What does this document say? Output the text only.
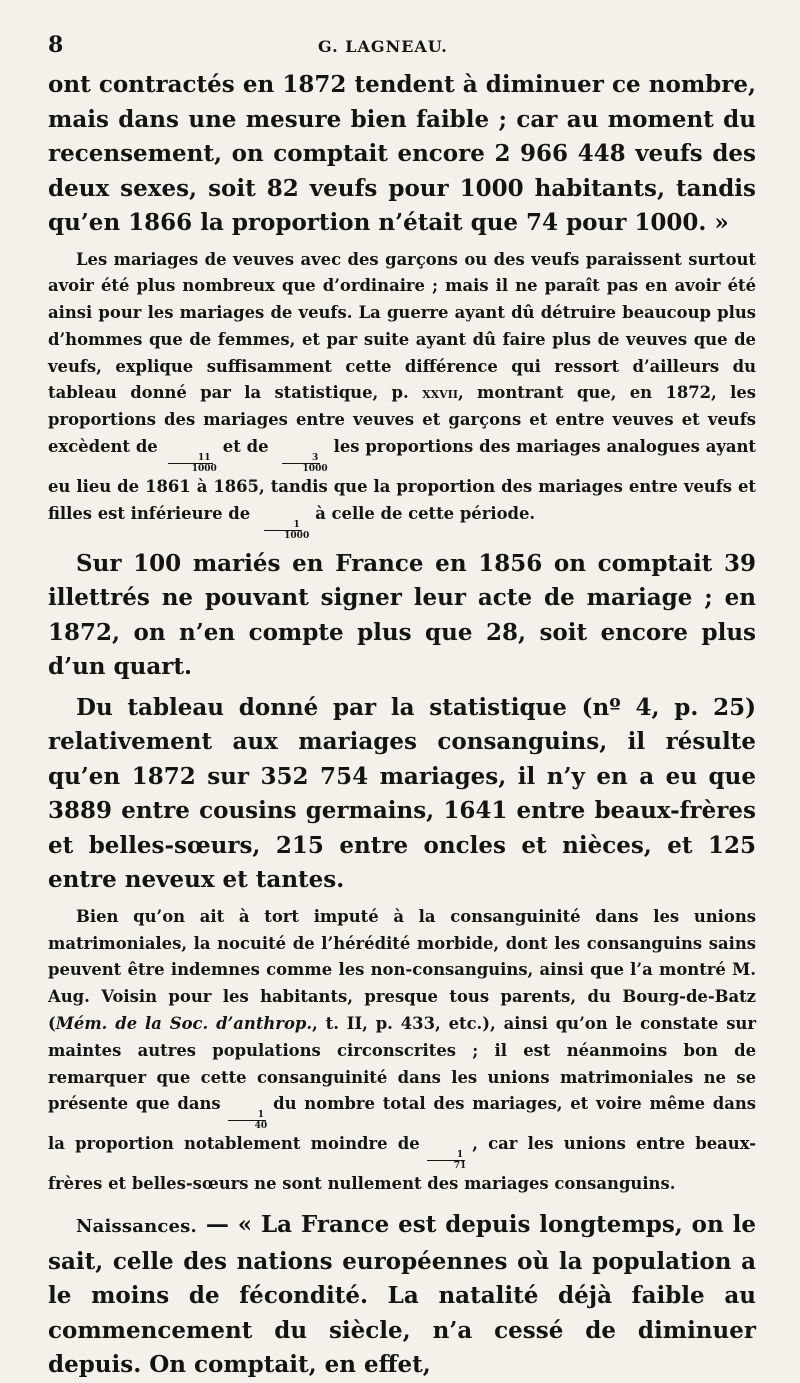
8	G. LAGNEAU.

ont contractés en 1872 tendent à diminuer ce nombre, mais dans une mesure bien faible ; car au moment du recensement, on comptait encore 2 966 448 veufs des deux sexes, soit 82 veufs pour 1000 habitants, tandis qu’en 1866 la proportion n’était que 74 pour 1000. »

Les mariages de veuves avec des garçons ou des veufs paraissent surtout avoir été plus nombreux que d’ordinaire ; mais il ne paraît pas en avoir été ainsi pour les mariages de veufs. La guerre ayant dû détruire beaucoup plus d’hommes que de femmes, et par suite ayant dû faire plus de veuves que de veufs, explique suffisamment cette différence qui ressort d’ailleurs du tableau donné par la statistique, p. xxvii, montrant que, en 1872, les proportions des mariages entre veuves et garçons et entre veuves et veufs excèdent de
$\frac{11}{1000}$
et de
$\frac{3}{1000}$
les proportions des mariages analogues ayant eu lieu de 1861 à 1865, tandis que la proportion des mariages entre veufs et filles est inférieure de
$\frac{1}{1000}$
à celle de cette période.

Sur 100 mariés en France en 1856 on comptait 39 illettrés ne pouvant signer leur acte de mariage ; en 1872, on n’en compte plus que 28, soit encore plus d’un quart.

Du tableau donné par la statistique (nº 4, p. 25) relativement aux mariages consanguins, il résulte qu’en 1872 sur 352 754 mariages, il n’y en a eu que 3889 entre cousins germains, 1641 entre beaux-frères et belles-sœurs, 215 entre oncles et nièces, et 125 entre neveux et tantes.

Bien qu’on ait à tort imputé à la consanguinité dans les unions matrimoniales, la nocuité de l’hérédité morbide, dont les consanguins sains peuvent être indemnes comme les non-consanguins, ainsi que l’a montré M. Aug. Voisin pour les habitants, presque tous parents, du Bourg-de-Batz (Mém. de la Soc. d’anthrop., t. II, p. 433, etc.), ainsi qu’on le constate sur maintes autres populations circonscrites ; il est néanmoins bon de remarquer que cette consanguinité dans les unions matrimoniales ne se présente que dans
$\frac{1}{40}$
du nombre total des mariages, et voire même dans la proportion notablement moindre de
$\frac{1}{71}$
, car les unions entre beaux-frères et belles-sœurs ne sont nullement des mariages consanguins.

Naissances. — « La France est depuis longtemps, on le sait, celle des nations européennes où la population a le moins de fécondité. La natalité déjà faible au commencement du siècle, n’a cessé de diminuer depuis. On comptait, en effet,
